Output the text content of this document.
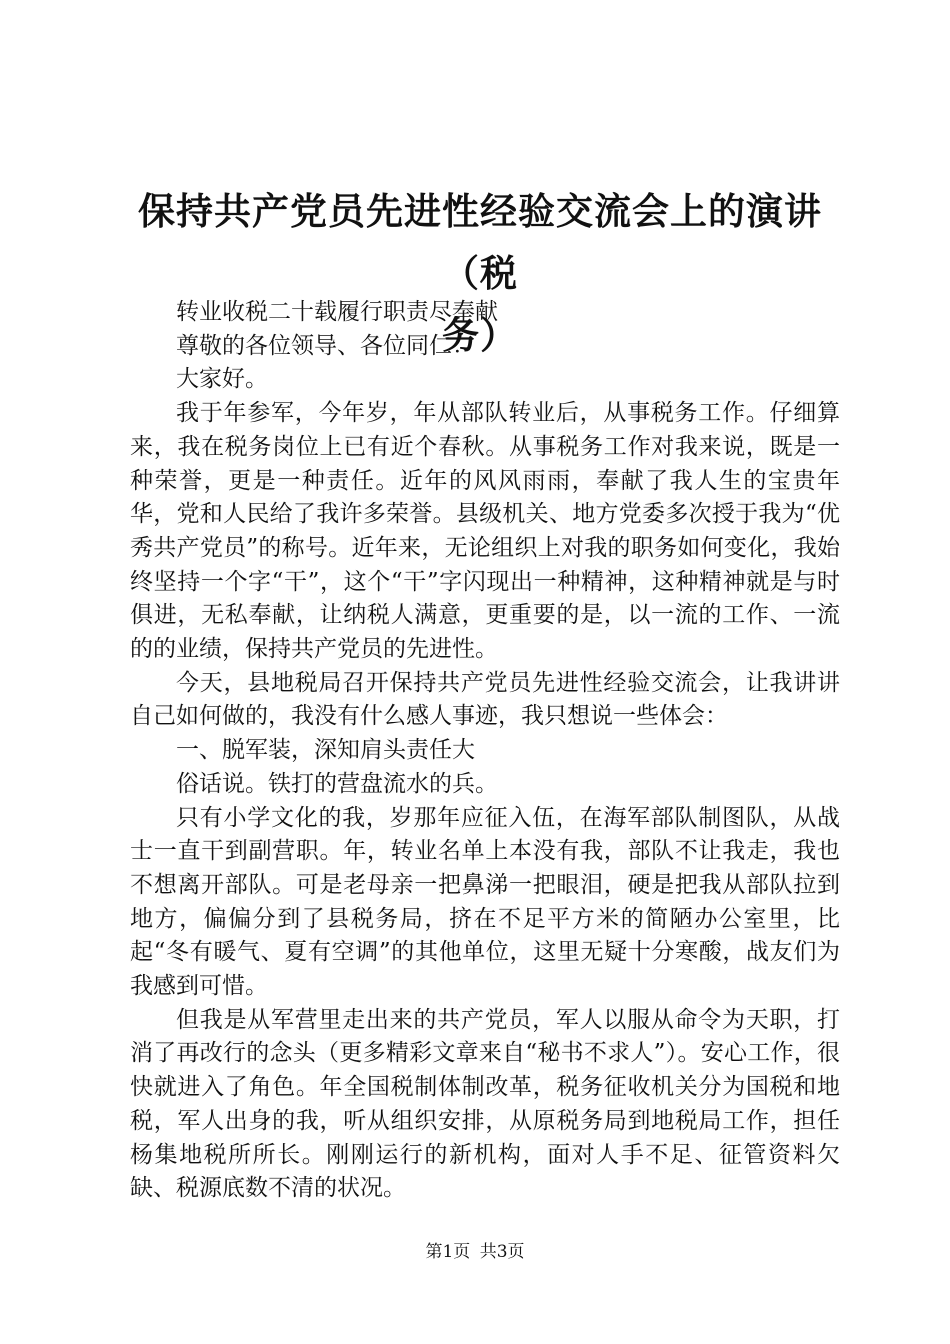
保持共产党员先进性经验交流会上的演讲（税
务）

转业收税二十载履行职责尽奉献

尊敬的各位领导、各位同仁：

大家好。

我于年参军，今年岁，年从部队转业后，从事税务工作。仔细算来，我在税务岗位上已有近个春秋。从事税务工作对我来说，既是一种荣誉，更是一种责任。近年的风风雨雨，奉献了我人生的宝贵年华，党和人民给了我许多荣誉。县级机关、地方党委多次授于我为“优秀共产党员”的称号。近年来，无论组织上对我的职务如何变化，我始终坚持一个字“干”，这个“干”字闪现出一种精神，这种精神就是与时俱进，无私奉献，让纳税人满意，更重要的是，以一流的工作、一流的的业绩，保持共产党员的先进性。

今天，县地税局召开保持共产党员先进性经验交流会，让我讲讲自己如何做的，我没有什么感人事迹，我只想说一些体会：

一、脱军装，深知肩头责任大

俗话说。铁打的营盘流水的兵。

只有小学文化的我，岁那年应征入伍，在海军部队制图队，从战士一直干到副营职。年，转业名单上本没有我，部队不让我走，我也不想离开部队。可是老母亲一把鼻涕一把眼泪，硬是把我从部队拉到地方，偏偏分到了县税务局，挤在不足平方米的简陋办公室里，比起“冬有暖气、夏有空调”的其他单位，这里无疑十分寒酸，战友们为我感到可惜。

但我是从军营里走出来的共产党员，军人以服从命令为天职，打消了再改行的念头（更多精彩文章来自“秘书不求人”）。安心工作，很快就进入了角色。年全国税制体制改革，税务征收机关分为国税和地税，军人出身的我，听从组织安排，从原税务局到地税局工作，担任杨集地税所所长。刚刚运行的新机构，面对人手不足、征管资料欠缺、税源底数不清的状况。

第1页 共3页
